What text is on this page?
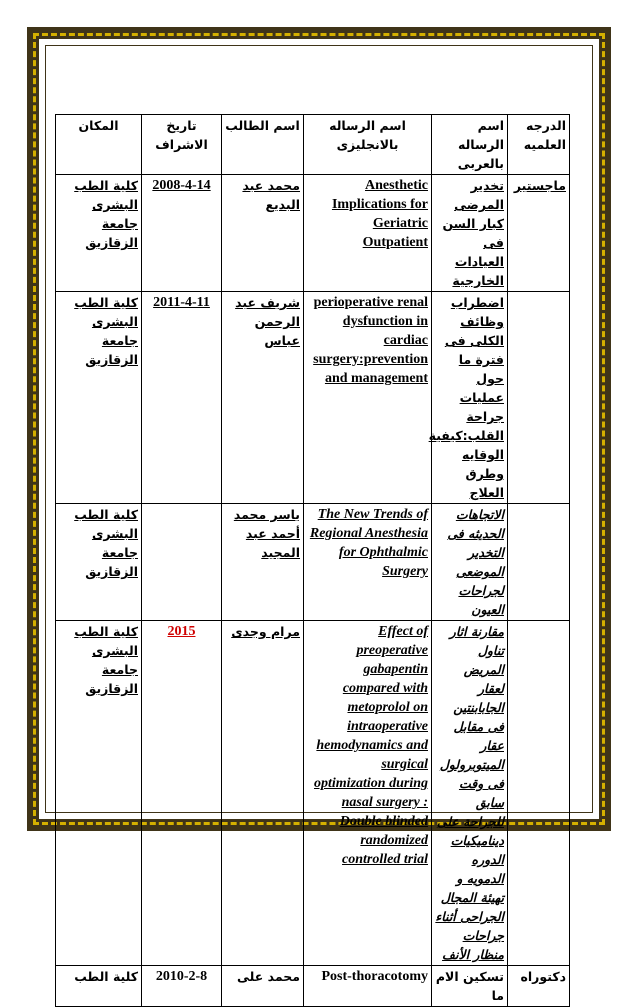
الدرجه العلميه	اسم الرساله بالعربى	اسم الرساله بالانجليزى	اسم الطالب	تاريخ الاشراف	المكان
ماجستير	تخدير المرضى كبار السن فى العيادات الخارجية	Anesthetic Implications for Geriatric Outpatient	محمد عبد البديع	2008-4-14	كلية الطب البشرى جامعة الزقازيق
	اضطراب وظائف الكلى فى فترة ما حول عمليات جراحة القلب:كيفية الوقايه وطرق العلاج	perioperative renal dysfunction in cardiac surgery:prevention and management	شريف عبد الرحمن عباس	2011-4-11	كلية الطب البشرى جامعة الزقازيق
	الاتجاهات الحديثه فى التخدير الموضعى لجراحات العيون	The New Trends of Regional Anesthesia for Ophthalmic Surgery	ياسر محمد أحمد عبد المجيد		كلية الطب البشرى جامعة الزقازيق
	مقارنة اثار تناول المريض لعقار الجابابنتين فى مقابل عقار الميتوبرولول فى وقت سابق للجراحة على ديناميكيات الدوره الدمويه و تهيئة المجال الجراحى أثناء جراحات منظار الأنف	Effect of preoperative gabapentin compared with metoprolol on intraoperative hemodynamics and surgical optimization during nasal surgery : Double blinded randomized controlled trial	مرام وجدى	2015	كلية الطب البشرى جامعة الزقازيق
دكتوراه	تسكين الام ما	Post-thoracotomy	محمد على	2010-2-8	كلية الطب
